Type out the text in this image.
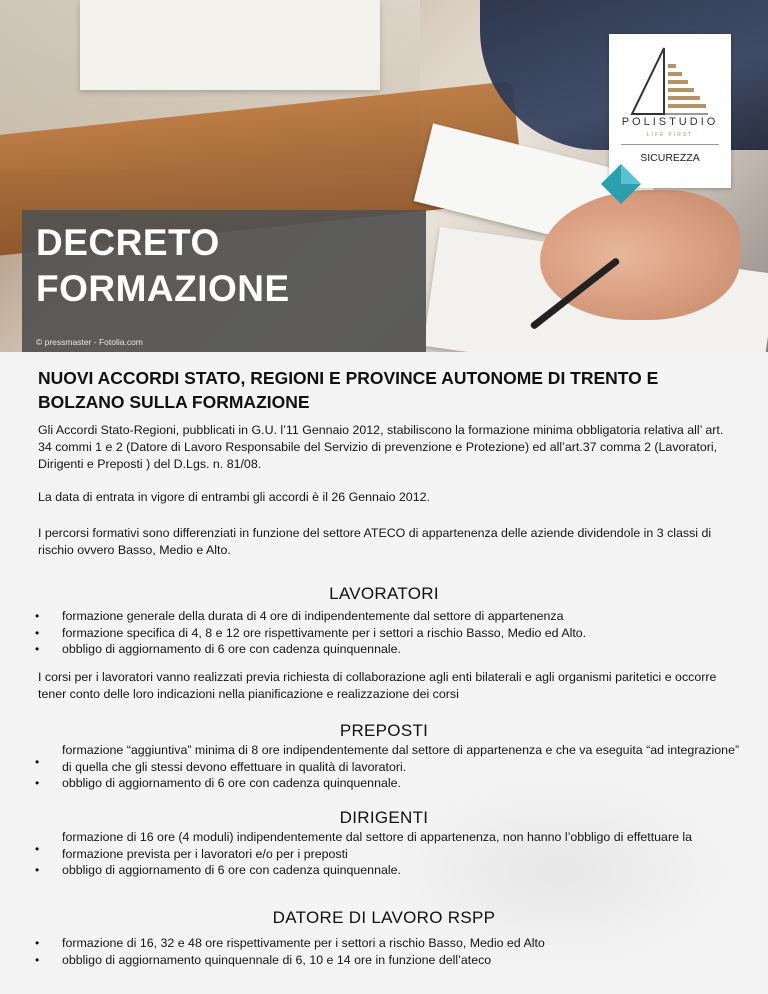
DECRETO
FORMAZIONE
© pressmaster - Fotolia.com
POLISTUDIO
LIFE FIRST
SICUREZZA
NUOVI ACCORDI STATO, REGIONI E PROVINCE AUTONOME DI TRENTO E BOLZANO SULLA FORMAZIONE

Gli Accordi Stato-Regioni, pubblicati in G.U. l’11 Gennaio 2012, stabiliscono la formazione minima obbligatoria relativa all’ art. 34 commi 1 e 2 (Datore di Lavoro Responsabile del Servizio di prevenzione e Protezione) ed all’art.37 comma 2 (Lavoratori, Dirigenti e Preposti ) del D.Lgs. n. 81/08.

La data di entrata in vigore di entrambi gli accordi è il 26 Gennaio 2012.

I percorsi formativi sono differenziati in funzione del settore ATECO di appartenenza delle aziende dividendole in 3 classi di rischio ovvero Basso, Medio e Alto.

LAVORATORI
• formazione generale della durata di 4 ore di indipendentemente dal settore di appartenenza
• formazione specifica di 4, 8 e 12 ore rispettivamente per i settori a rischio Basso, Medio ed Alto.
• obbligo di aggiornamento di 6 ore con cadenza quinquennale.

I corsi per i lavoratori vanno realizzati previa richiesta di collaborazione agli enti bilaterali e agli organismi paritetici e occorre tener conto delle loro indicazioni nella pianificazione e realizzazione dei corsi

PREPOSTI
•
formazione “aggiuntiva” minima di 8 ore indipendentemente dal settore di appartenenza e che va eseguita “ad integrazione” di quella che gli stessi devono effettuare in qualità di lavoratori.
• obbligo di aggiornamento di 6 ore con cadenza quinquennale.
DIRIGENTI
•
formazione di 16 ore (4 moduli) indipendentemente dal settore di appartenenza, non hanno l’obbligo di effettuare la formazione prevista per i lavoratori e/o per i preposti
• obbligo di aggiornamento di 6 ore con cadenza quinquennale.
DATORE DI LAVORO RSPP
• formazione di 16, 32 e 48 ore rispettivamente per i settori a rischio Basso, Medio ed Alto
• obbligo di aggiornamento quinquennale di 6, 10 e 14 ore in funzione dell’ateco
